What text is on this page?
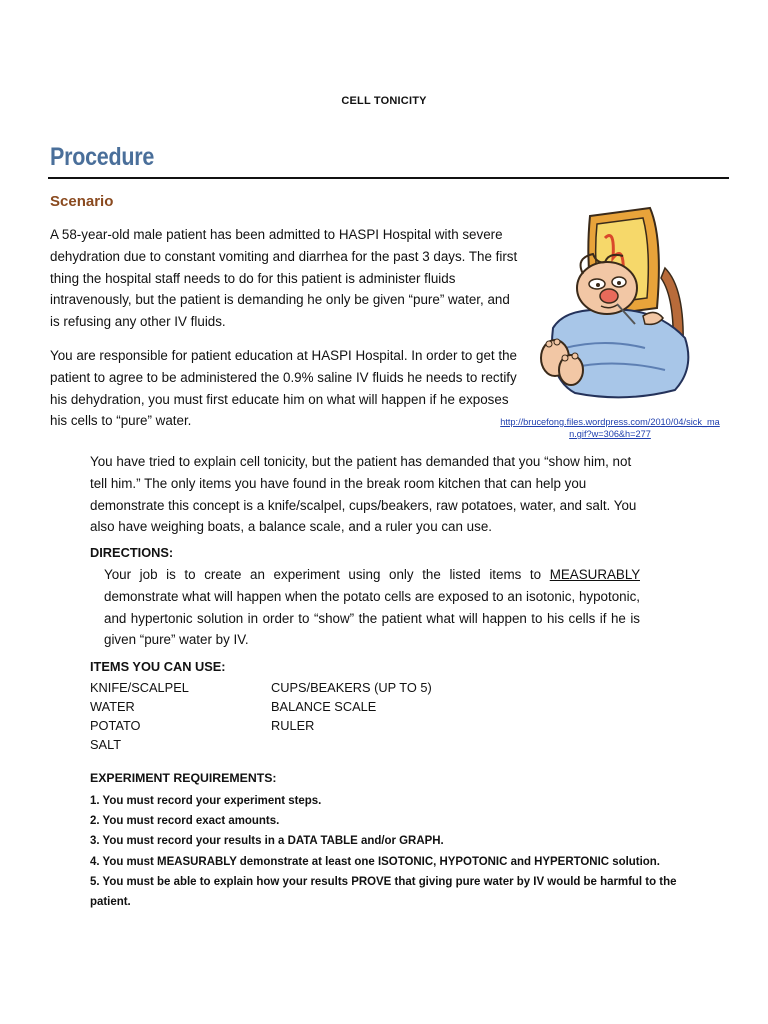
CELL TONICITY
Procedure
Scenario

A 58-year-old male patient has been admitted to HASPI Hospital with severe dehydration due to constant vomiting and diarrhea for the past 3 days. The first thing the hospital staff needs to do for this patient is administer fluids intravenously, but the patient is demanding he only be given “pure” water, and is refusing any other IV fluids.

You are responsible for patient education at HASPI Hospital. In order to get the patient to agree to be administered the 0.9% saline IV fluids he needs to rectify his dehydration, you must first educate him on what will happen if he exposes his cells to “pure” water.	http://brucefong.files.wordpress.com/2010/04/sick_man.gif?w=306&h=277

You have tried to explain cell tonicity, but the patient has demanded that you “show him, not tell him.” The only items you have found in the break room kitchen that can help you demonstrate this concept is a knife/scalpel, cups/beakers, raw potatoes, water, and salt. You also have weighing boats, a balance scale, and a ruler you can use.

DIRECTIONS:

Your job is to create an experiment using only the listed items to MEASURABLY demonstrate what will happen when the potato cells are exposed to an isotonic, hypotonic, and hypertonic solution in order to “show” the patient what will happen to his cells if he is given “pure” water by IV.

ITEMS YOU CAN USE:
KNIFE/SCALPEL
WATER
POTATO
SALT
CUPS/BEAKERS (UP TO 5)
BALANCE SCALE
RULER
EXPERIMENT REQUIREMENTS:
1. You must record your experiment steps.
2. You must record exact amounts.
3. You must record your results in a DATA TABLE and/or GRAPH.
4. You must MEASURABLY demonstrate at least one ISOTONIC, HYPOTONIC and HYPERTONIC solution.
5. You must be able to explain how your results PROVE that giving pure water by IV would be harmful to the patient.
